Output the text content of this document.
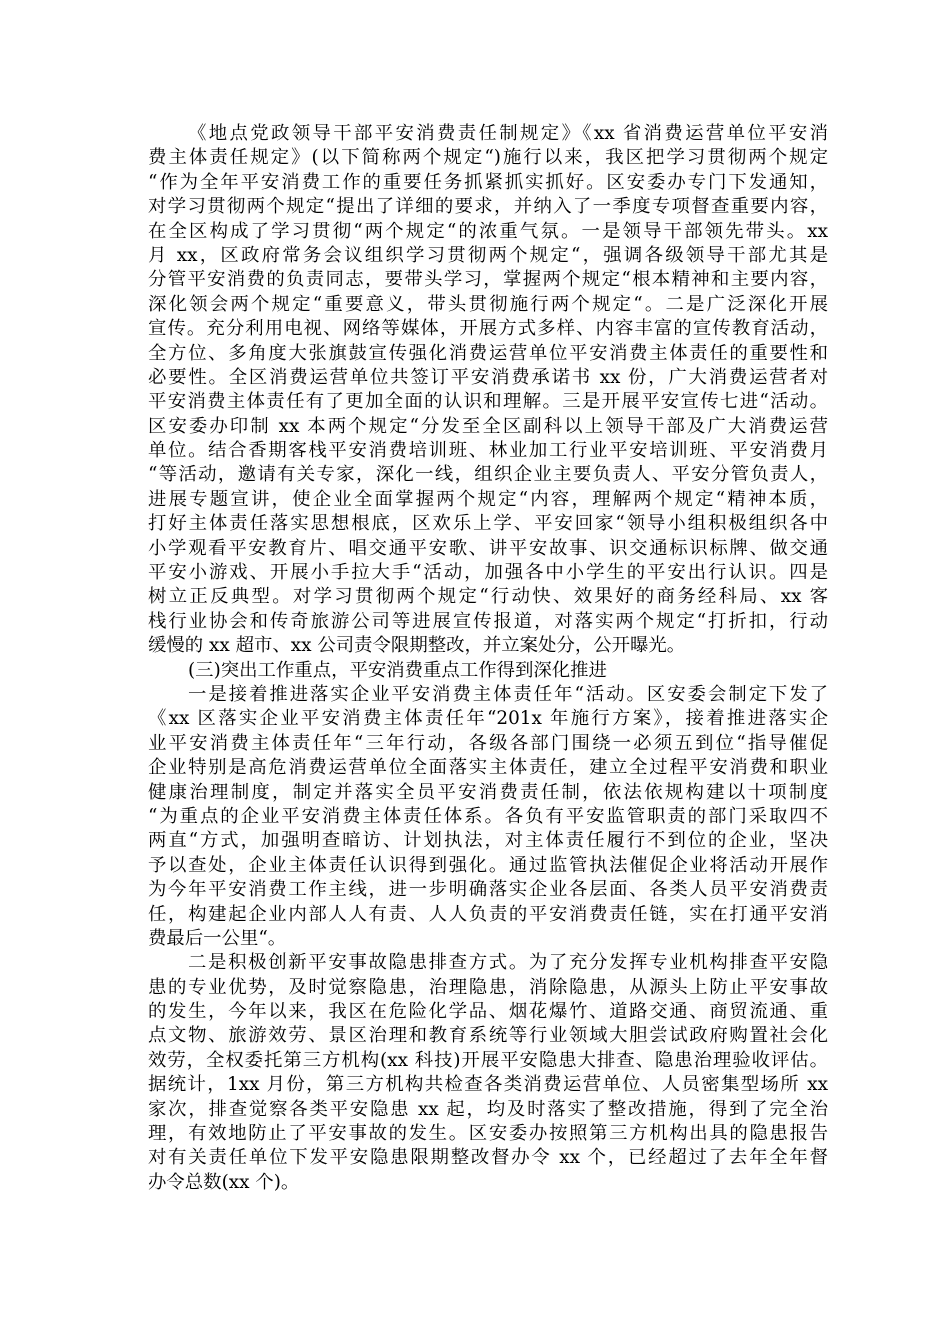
《地点党政领导干部平安消费责任制规定》《xx 省消费运营单位平安消
费主体责任规定》(以下简称两个规定“)施行以来，我区把学习贯彻两个规定
“作为全年平安消费工作的重要任务抓紧抓实抓好。区安委办专门下发通知，
对学习贯彻两个规定“提出了详细的要求，并纳入了一季度专项督查重要内容，
在全区构成了学习贯彻“两个规定“的浓重气氛。一是领导干部领先带头。xx
月 xx，区政府常务会议组织学习贯彻两个规定“，强调各级领导干部尤其是
分管平安消费的负责同志，要带头学习，掌握两个规定“根本精神和主要内容，
深化领会两个规定“重要意义，带头贯彻施行两个规定“。二是广泛深化开展
宣传。充分利用电视、网络等媒体，开展方式多样、内容丰富的宣传教育活动，
全方位、多角度大张旗鼓宣传强化消费运营单位平安消费主体责任的重要性和
必要性。全区消费运营单位共签订平安消费承诺书 xx 份，广大消费运营者对
平安消费主体责任有了更加全面的认识和理解。三是开展平安宣传七进“活动。
区安委办印制 xx 本两个规定“分发至全区副科以上领导干部及广大消费运营
单位。结合香期客栈平安消费培训班、林业加工行业平安培训班、平安消费月
“等活动，邀请有关专家，深化一线，组织企业主要负责人、平安分管负责人，
进展专题宣讲，使企业全面掌握两个规定“内容，理解两个规定“精神本质，
打好主体责任落实思想根底，区欢乐上学、平安回家“领导小组积极组织各中
小学观看平安教育片、唱交通平安歌、讲平安故事、识交通标识标牌、做交通
平安小游戏、开展小手拉大手“活动，加强各中小学生的平安出行认识。四是
树立正反典型。对学习贯彻两个规定“行动快、效果好的商务经科局、xx 客
栈行业协会和传奇旅游公司等进展宣传报道，对落实两个规定“打折扣，行动
缓慢的 xx 超市、xx 公司责令限期整改，并立案处分，公开曝光。
(三)突出工作重点，平安消费重点工作得到深化推进
一是接着推进落实企业平安消费主体责任年“活动。区安委会制定下发了
《xx 区落实企业平安消费主体责任年“201x 年施行方案》，接着推进落实企
业平安消费主体责任年“三年行动，各级各部门围绕一必须五到位“指导催促
企业特别是高危消费运营单位全面落实主体责任，建立全过程平安消费和职业
健康治理制度，制定并落实全员平安消费责任制，依法依规构建以十项制度
“为重点的企业平安消费主体责任体系。各负有平安监管职责的部门采取四不
两直“方式，加强明查暗访、计划执法，对主体责任履行不到位的企业，坚决
予以查处，企业主体责任认识得到强化。通过监管执法催促企业将活动开展作
为今年平安消费工作主线，进一步明确落实企业各层面、各类人员平安消费责
任，构建起企业内部人人有责、人人负责的平安消费责任链，实在打通平安消
费最后一公里“。
二是积极创新平安事故隐患排查方式。为了充分发挥专业机构排查平安隐
患的专业优势，及时觉察隐患，治理隐患，消除隐患，从源头上防止平安事故
的发生，今年以来，我区在危险化学品、烟花爆竹、道路交通、商贸流通、重
点文物、旅游效劳、景区治理和教育系统等行业领域大胆尝试政府购置社会化
效劳，全权委托第三方机构(xx 科技)开展平安隐患大排查、隐患治理验收评估。
据统计，1xx 月份，第三方机构共检查各类消费运营单位、人员密集型场所 xx
家次，排查觉察各类平安隐患 xx 起，均及时落实了整改措施，得到了完全治
理，有效地防止了平安事故的发生。区安委办按照第三方机构出具的隐患报告
对有关责任单位下发平安隐患限期整改督办令 xx 个，已经超过了去年全年督
办令总数(xx 个)。
